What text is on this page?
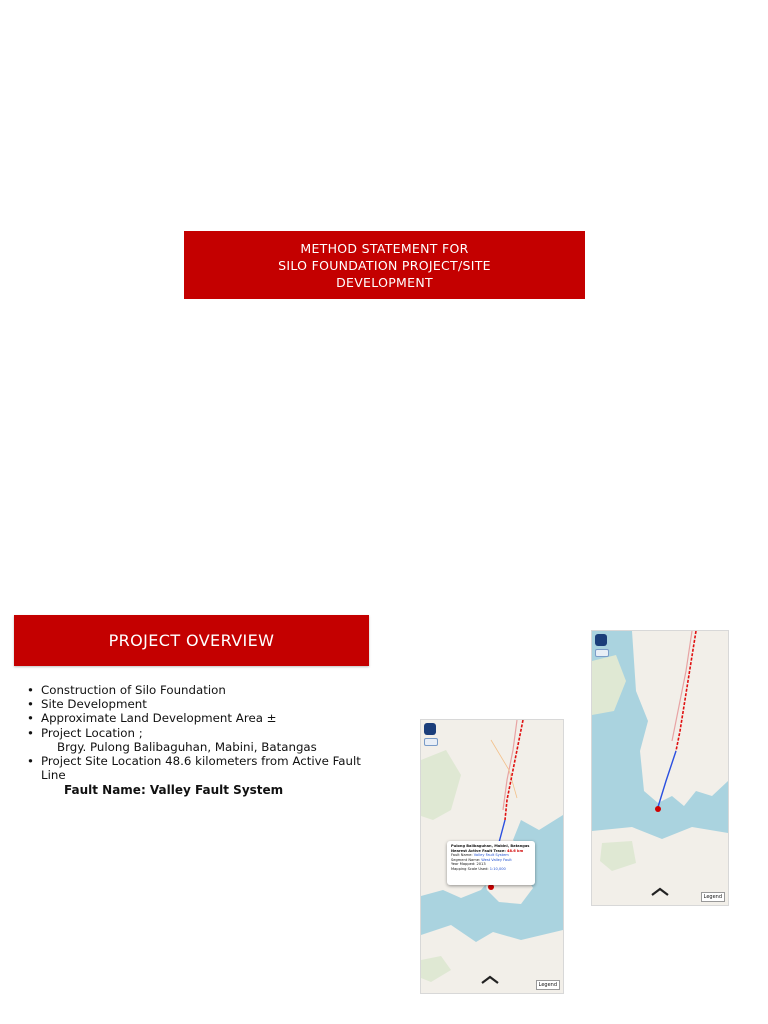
METHOD STATEMENT FOR
SILO FOUNDATION PROJECT/SITE
DEVELOPMENT
PROJECT OVERVIEW
• Construction of Silo Foundation
• Site Development
• Approximate Land Development Area ±
• Project Location ;
Brgy. Pulong Balibaguhan, Mabini, Batangas
• Project Site Location 48.6 kilometers from Active Fault Line
Fault Name: Valley Fault System
Pulong Balibaguhan, Mabini, Batangas
Nearest Active Fault Trace: 48.6 km
Fault Name: Valley Fault System
Segment Name: West Valley Fault
Year Mapped: 2013
Mapping Scale Used: 1:10,000
Legend
Legend
